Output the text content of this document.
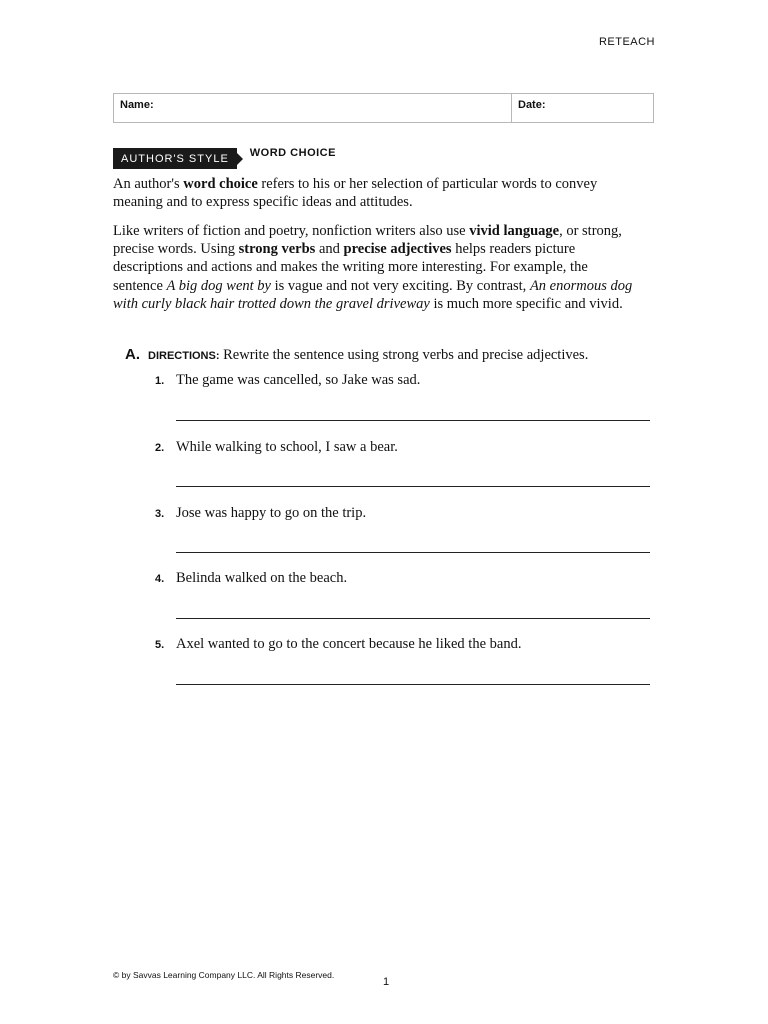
RETEACH
Name:	Date:
AUTHOR'S STYLE	WORD CHOICE

An author's word choice refers to his or her selection of particular words to convey meaning and to express specific ideas and attitudes.

Like writers of fiction and poetry, nonfiction writers also use vivid language, or strong, precise words. Using strong verbs and precise adjectives helps readers picture descriptions and actions and makes the writing more interesting. For example, the sentence A big dog went by is vague and not very exciting. By contrast, An enormous dog with curly black hair trotted down the gravel driveway is much more specific and vivid.

A. DIRECTIONS: Rewrite the sentence using strong verbs and precise adjectives.
1. The game was cancelled, so Jake was sad.
2. While walking to school, I saw a bear.
3. Jose was happy to go on the trip.
4. Belinda walked on the beach.
5. Axel wanted to go to the concert because he liked the band.
© by Savvas Learning Company LLC. All Rights Reserved.
1
